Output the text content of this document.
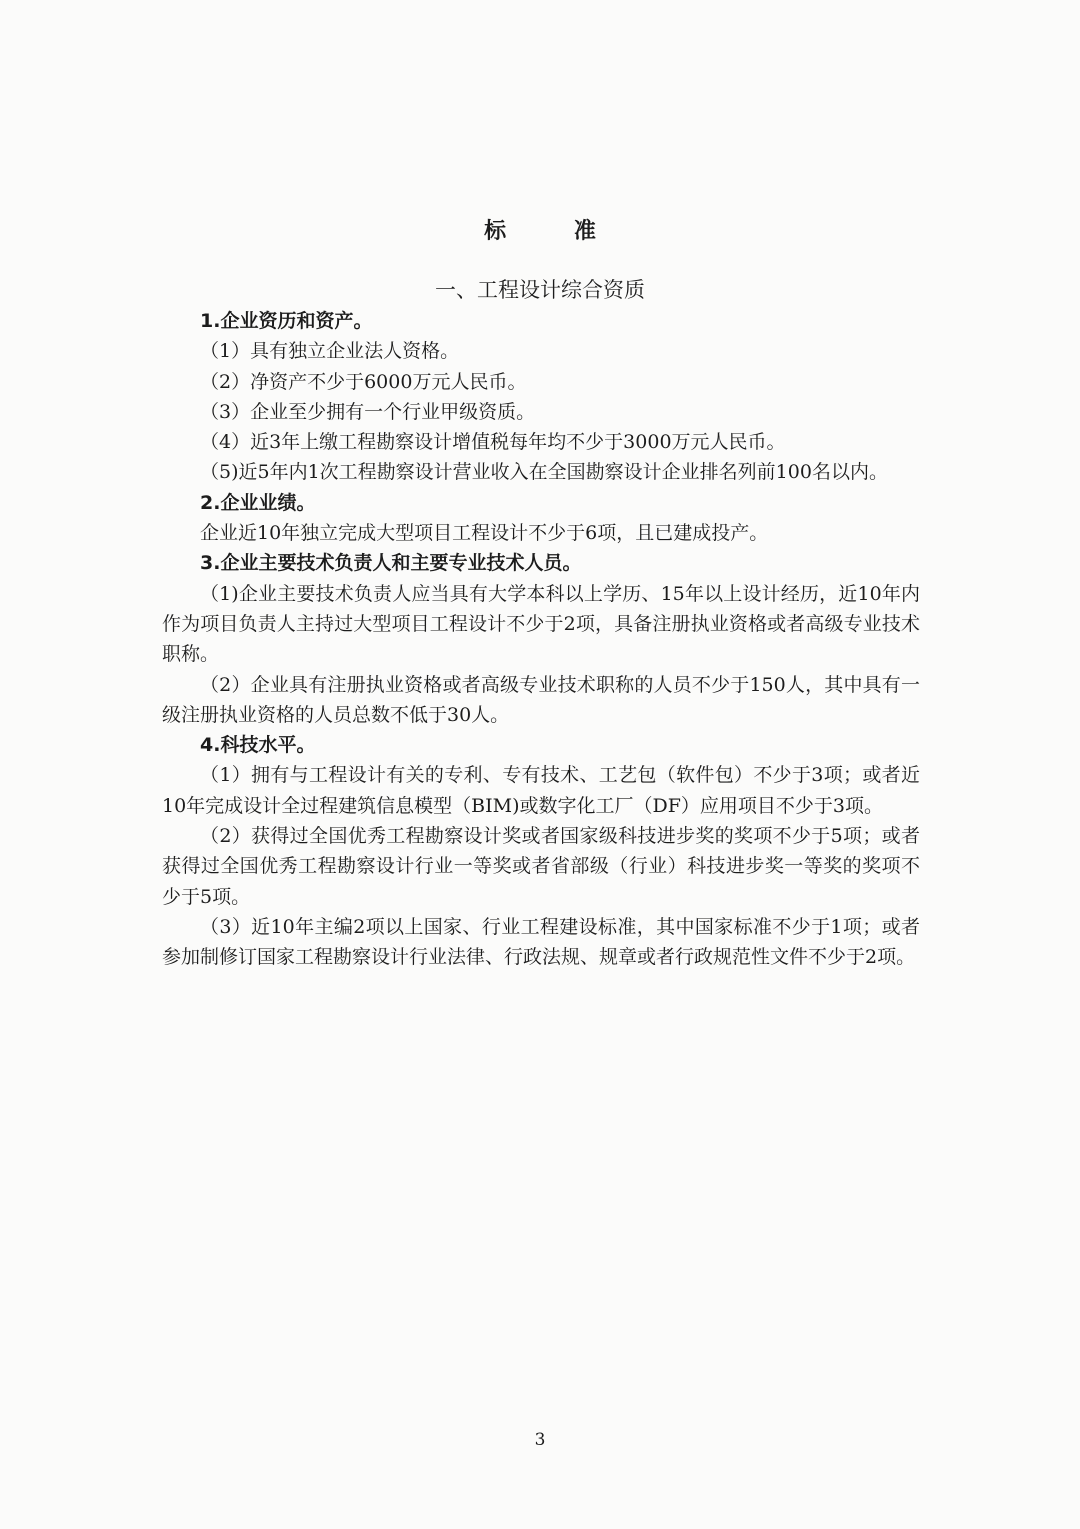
标 准
一、工程设计综合资质

1.企业资历和资产。

（1）具有独立企业法人资格。

（2）净资产不少于6000万元人民币。

（3）企业至少拥有一个行业甲级资质。

（4）近3年上缴工程勘察设计增值税每年均不少于3000万元人民币。

（5)近5年内1次工程勘察设计营业收入在全国勘察设计企业排名列前100名以内。

2.企业业绩。

企业近10年独立完成大型项目工程设计不少于6项，且已建成投产。

3.企业主要技术负责人和主要专业技术人员。

（1)企业主要技术负责人应当具有大学本科以上学历、15年以上设计经历，近10年内作为项目负责人主持过大型项目工程设计不少于2项，具备注册执业资格或者高级专业技术职称。

（2）企业具有注册执业资格或者高级专业技术职称的人员不少于150人，其中具有一级注册执业资格的人员总数不低于30人。

4.科技水平。

（1）拥有与工程设计有关的专利、专有技术、工艺包（软件包）不少于3项；或者近10年完成设计全过程建筑信息模型（BIM)或数字化工厂（DF）应用项目不少于3项。

（2）获得过全国优秀工程勘察设计奖或者国家级科技进步奖的奖项不少于5项；或者获得过全国优秀工程勘察设计行业一等奖或者省部级（行业）科技进步奖一等奖的奖项不少于5项。

（3）近10年主编2项以上国家、行业工程建设标准，其中国家标准不少于1项；或者参加制修订国家工程勘察设计行业法律、行政法规、规章或者行政规范性文件不少于2项。

3
